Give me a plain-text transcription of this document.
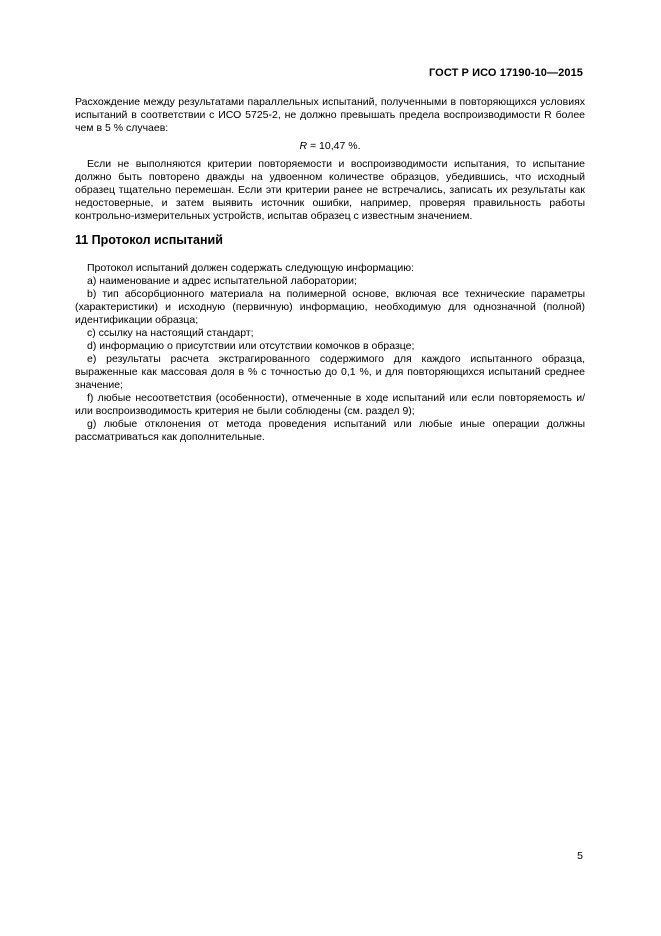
ГОСТ Р ИСО 17190-10—2015

Расхождение между результатами параллельных испытаний, полученными в повторяющихся условиях испытаний в соответствии с ИСО 5725-2, не должно превышать предела воспроизводимости R более чем в 5 % случаев:

R = 10,47 %.

Если не выполняются критерии повторяемости и воспроизводимости испытания, то испытание должно быть повторено дважды на удвоенном количестве образцов, убедившись, что исходный образец тщательно перемешан. Если эти критерии ранее не встречались, записать их результаты как недостоверные, и затем выявить источник ошибки, например, проверяя правильность работы контрольно-измерительных устройств, испытав образец с известным значением.

11 Протокол испытаний

Протокол испытаний должен содержать следующую информацию:

a) наименование и адрес испытательной лаборатории;

b) тип абсорбционного материала на полимерной основе, включая все технические параметры (характеристики) и исходную (первичную) информацию, необходимую для однозначной (полной) идентификации образца;

c) ссылку на настоящий стандарт;

d) информацию о присутствии или отсутствии комочков в образце;

e) результаты расчета экстрагированного содержимого для каждого испытанного образца, выраженные как массовая доля в % с точностью до 0,1 %, и для повторяющихся испытаний среднее значение;

f) любые несоответствия (особенности), отмеченные в ходе испытаний или если повторяемость и/или воспроизводимость критерия не были соблюдены (см. раздел 9);

g) любые отклонения от метода проведения испытаний или любые иные операции должны рассматриваться как дополнительные.

5
